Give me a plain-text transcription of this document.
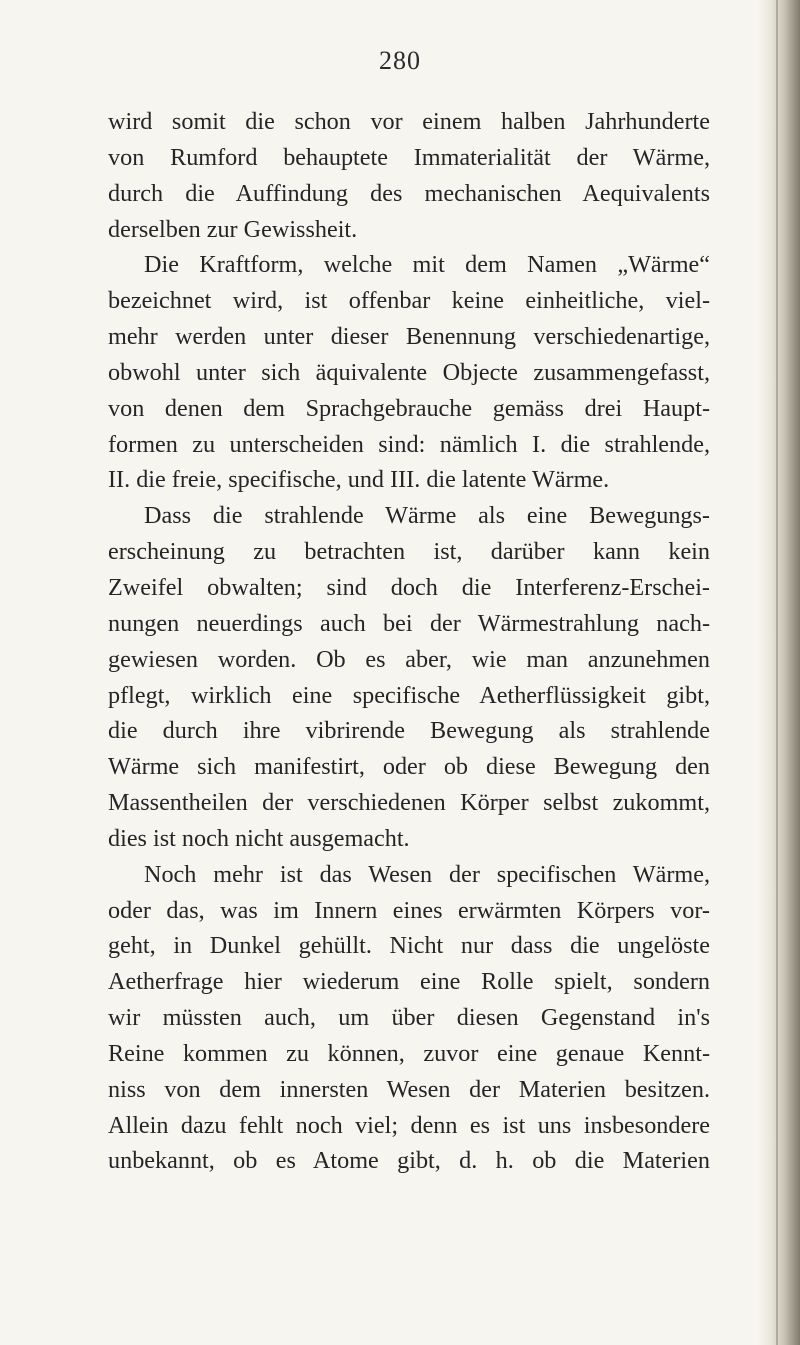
280
wird somit die schon vor einem halben Jahrhunderte
von Rumford behauptete Immaterialität der Wärme,
durch die Auffindung des mechanischen Aequivalents
derselben zur Gewissheit.
Die Kraftform, welche mit dem Namen „Wärme“
bezeichnet wird, ist offenbar keine einheitliche, viel-
mehr werden unter dieser Benennung verschiedenartige,
obwohl unter sich äquivalente Objecte zusammengefasst,
von denen dem Sprachgebrauche gemäss drei Haupt-
formen zu unterscheiden sind: nämlich I. die strahlende,
II. die freie, specifische, und III. die latente Wärme.
Dass die strahlende Wärme als eine Bewegungs-
erscheinung zu betrachten ist, darüber kann kein
Zweifel obwalten; sind doch die Interferenz-Erschei-
nungen neuerdings auch bei der Wärmestrahlung nach-
gewiesen worden. Ob es aber, wie man anzunehmen
pflegt, wirklich eine specifische Aetherflüssigkeit gibt,
die durch ihre vibrirende Bewegung als strahlende
Wärme sich manifestirt, oder ob diese Bewegung den
Massentheilen der verschiedenen Körper selbst zukommt,
dies ist noch nicht ausgemacht.
Noch mehr ist das Wesen der specifischen Wärme,
oder das, was im Innern eines erwärmten Körpers vor-
geht, in Dunkel gehüllt. Nicht nur dass die ungelöste
Aetherfrage hier wiederum eine Rolle spielt, sondern
wir müssten auch, um über diesen Gegenstand in's
Reine kommen zu können, zuvor eine genaue Kennt-
niss von dem innersten Wesen der Materien besitzen.
Allein dazu fehlt noch viel; denn es ist uns insbesondere
unbekannt, ob es Atome gibt, d. h. ob die Materien
